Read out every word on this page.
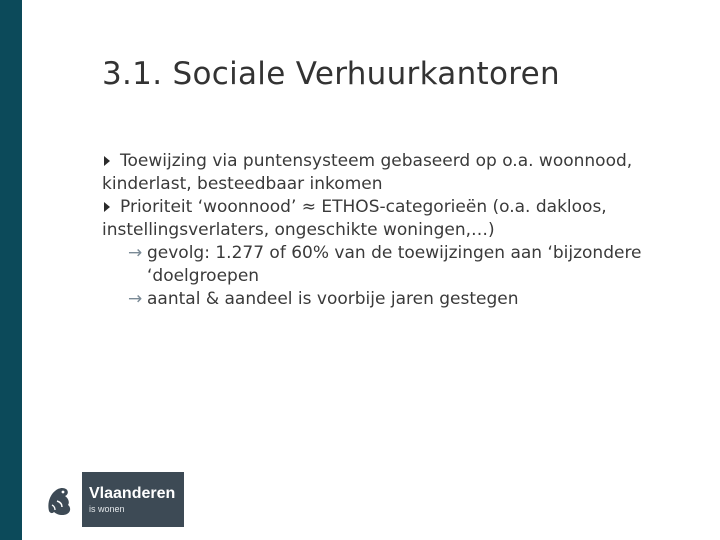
3.1. Sociale Verhuurkantoren
Toewijzing via puntensysteem gebaseerd op o.a. woonnood, kinderlast, besteedbaar inkomen
Prioriteit ‘woonnood’ ≈ ETHOS-categorieën (o.a. dakloos, instellingsverlaters, ongeschikte woningen,…)
→ gevolg: 1.277 of 60% van de toewijzingen aan ‘bijzondere ‘doelgroepen
→ aantal & aandeel is voorbije jaren gestegen
Vlaanderen
is wonen
